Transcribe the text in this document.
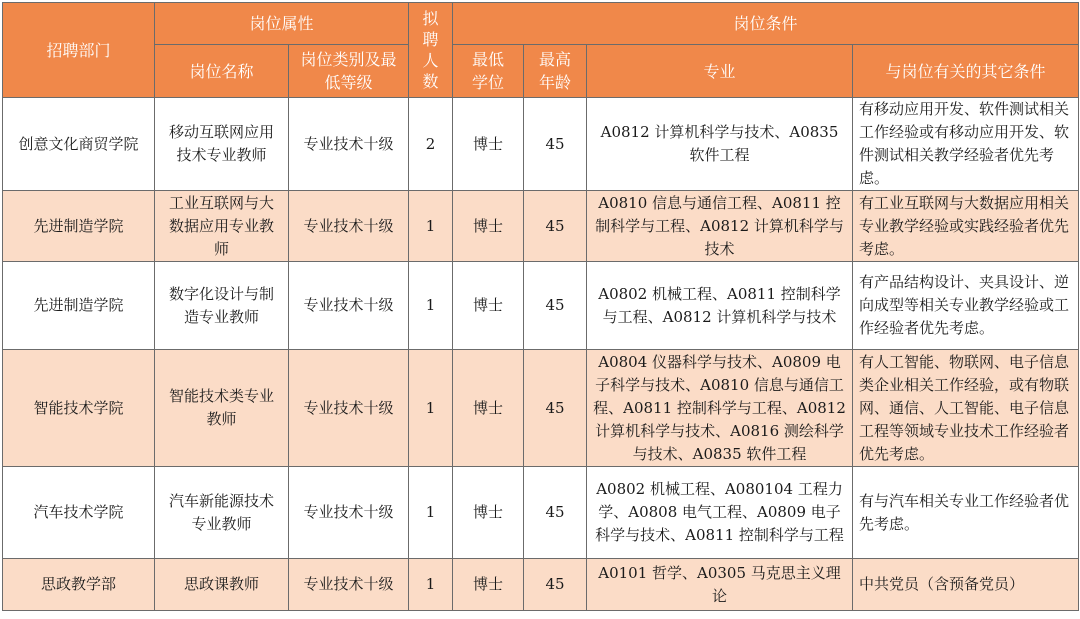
招聘部门	岗位属性		拟聘人数	岗位条件			
	岗位名称	岗位类别及最低等级		最低学位	最高年龄	专业	与岗位有关的其它条件
创意文化商贸学院	移动互联网应用技术专业教师	专业技术十级	2	博士	45	A0812 计算机科学与技术、A0835 软件工程	有移动应用开发、软件测试相关工作经验或有移动应用开发、软件测试相关教学经验者优先考虑。
先进制造学院	工业互联网与大数据应用专业教师	专业技术十级	1	博士	45	A0810 信息与通信工程、A0811 控制科学与工程、A0812 计算机科学与技术	有工业互联网与大数据应用相关专业教学经验或实践经验者优先考虑。
先进制造学院	数字化设计与制造专业教师	专业技术十级	1	博士	45	A0802 机械工程、A0811 控制科学与工程、A0812 计算机科学与技术	有产品结构设计、夹具设计、逆向成型等相关专业教学经验或工作经验者优先考虑。
智能技术学院	智能技术类专业教师	专业技术十级	1	博士	45	A0804 仪器科学与技术、A0809 电子科学与技术、A0810 信息与通信工程、A0811 控制科学与工程、A0812 计算机科学与技术、A0816 测绘科学与技术、A0835 软件工程	有人工智能、物联网、电子信息类企业相关工作经验，或有物联网、通信、人工智能、电子信息工程等领域专业技术工作经验者优先考虑。
汽车技术学院	汽车新能源技术专业教师	专业技术十级	1	博士	45	A0802 机械工程、A080104 工程力学、A0808 电气工程、A0809 电子科学与技术、A0811 控制科学与工程	有与汽车相关专业工作经验者优先考虑。
思政教学部	思政课教师	专业技术十级	1	博士	45	A0101 哲学、A0305 马克思主义理论	中共党员（含预备党员）
